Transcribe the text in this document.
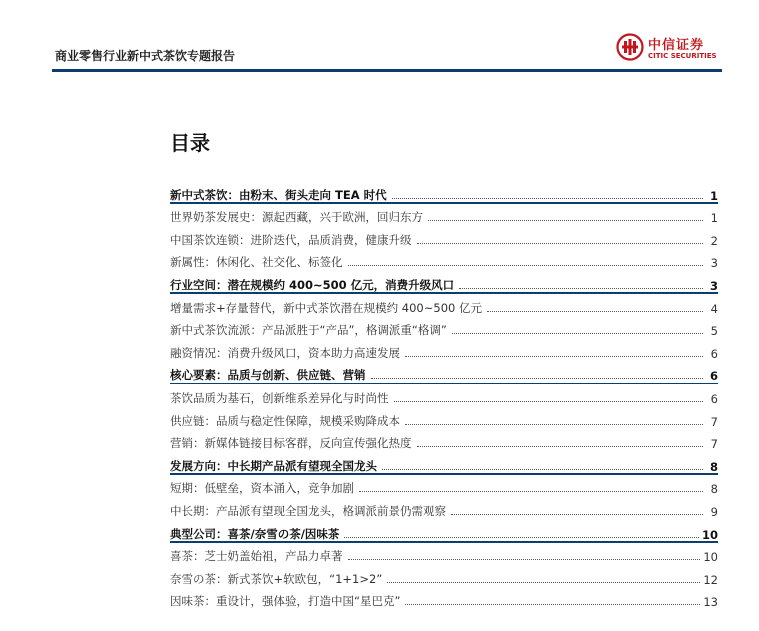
商业零售行业新中式茶饮专题报告
中信证券
CITIC SECURITIES
目录
新中式茶饮：由粉末、街头走向 TEA 时代	1
世界奶茶发展史：源起西藏，兴于欧洲，回归东方	1
中国茶饮连锁：进阶迭代，品质消费，健康升级	2
新属性：休闲化、社交化、标签化	3
行业空间：潜在规模约 400~500 亿元，消费升级风口	3
增量需求+存量替代，新中式茶饮潜在规模约 400~500 亿元	4
新中式茶饮流派：产品派胜于“产品”，格调派重“格调”	5
融资情况：消费升级风口，资本助力高速发展	6
核心要素：品质与创新、供应链、营销	6
茶饮品质为基石，创新维系差异化与时尚性	6
供应链：品质与稳定性保障，规模采购降成本	7
营销：新媒体链接目标客群，反向宣传强化热度	7
发展方向：中长期产品派有望现全国龙头	8
短期：低壁垒，资本涌入，竞争加剧	8
中长期：产品派有望现全国龙头，格调派前景仍需观察	9
典型公司：喜茶/奈雪の茶/因味茶	10
喜茶：芝士奶盖始祖，产品力卓著	10
奈雪の茶：新式茶饮+软欧包，“1+1>2”	12
因味茶：重设计，强体验，打造中国“星巴克”	13
